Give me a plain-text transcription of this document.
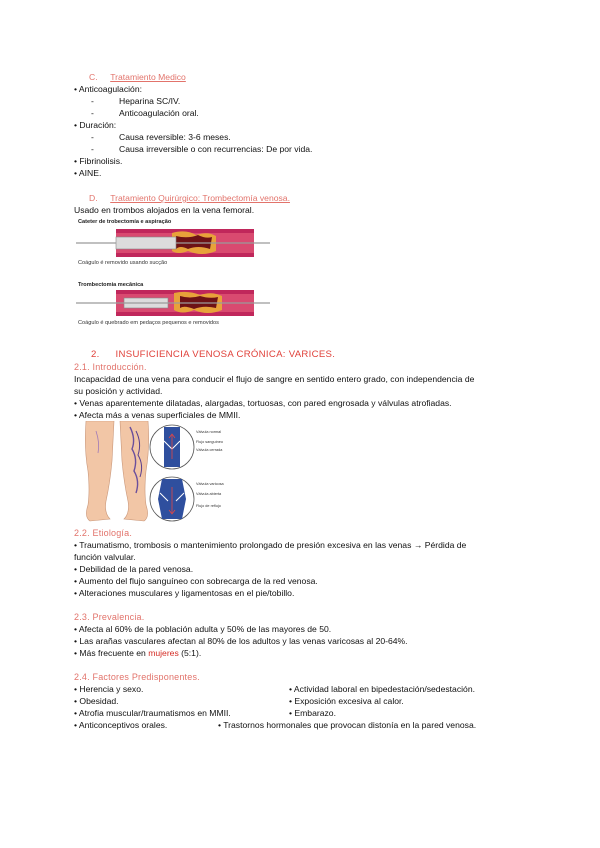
C. Tratamiento Medico
• Anticoagulación:
-	Heparina SC/IV.
-	Anticoagulación oral.
• Duración:
-	Causa reversible: 3-6 meses.
-	Causa irreversible o con recurrencias: De por vida.
• Fibrinolisis.
• AINE.
D. Tratamiento Quirúrgico: Trombectomía venosa.
Usado en trombos alojados en la vena femoral.
Cateter de trobectomía e aspiração
Coágulo é removido usando sucção
Trombectomia mecânica
Coágulo é quebrado em pedaços pequenos e removidos
2. INSUFICIENCIA VENOSA CRÓNICA: VARICES.
2.1. Introducción.
Incapacidad de una vena para conducir el flujo de sangre en sentido entero grado, con independencia de
su posición y actividad.
• Venas aparentemente dilatadas, alargadas, tortuosas, con pared engrosada y válvulas atrofiadas.
• Afecta más a venas superficiales de MMII.
Válvula normal
Flujo sanguíneo
Válvula cerrada
Válvula varicosa
Válvula abierta
Flujo de reflujo
2.2. Etiología.
• Traumatismo, trombosis o mantenimiento prolongado de presión excesiva en las venas → Pérdida de
función valvular.
• Debilidad de la pared venosa.
• Aumento del flujo sanguíneo con sobrecarga de la red venosa.
• Alteraciones musculares y ligamentosas en el pie/tobillo.
2.3. Prevalencia.
• Afecta al 60% de la población adulta y 50% de las mayores de 50.
• Las arañas vasculares afectan al 80% de los adultos y las venas varicosas al 20-64%.
• Más frecuente en mujeres (5:1).
2.4. Factores Predisponentes.
• Herencia y sexo.
• Obesidad.
• Atrofia muscular/traumatismos en MMII.
• Anticonceptivos orales.
• Actividad laboral en bipedestación/sedestación.
• Exposición excesiva al calor.
• Embarazo.
• Trastornos hormonales que provocan distonía en la pared venosa.
